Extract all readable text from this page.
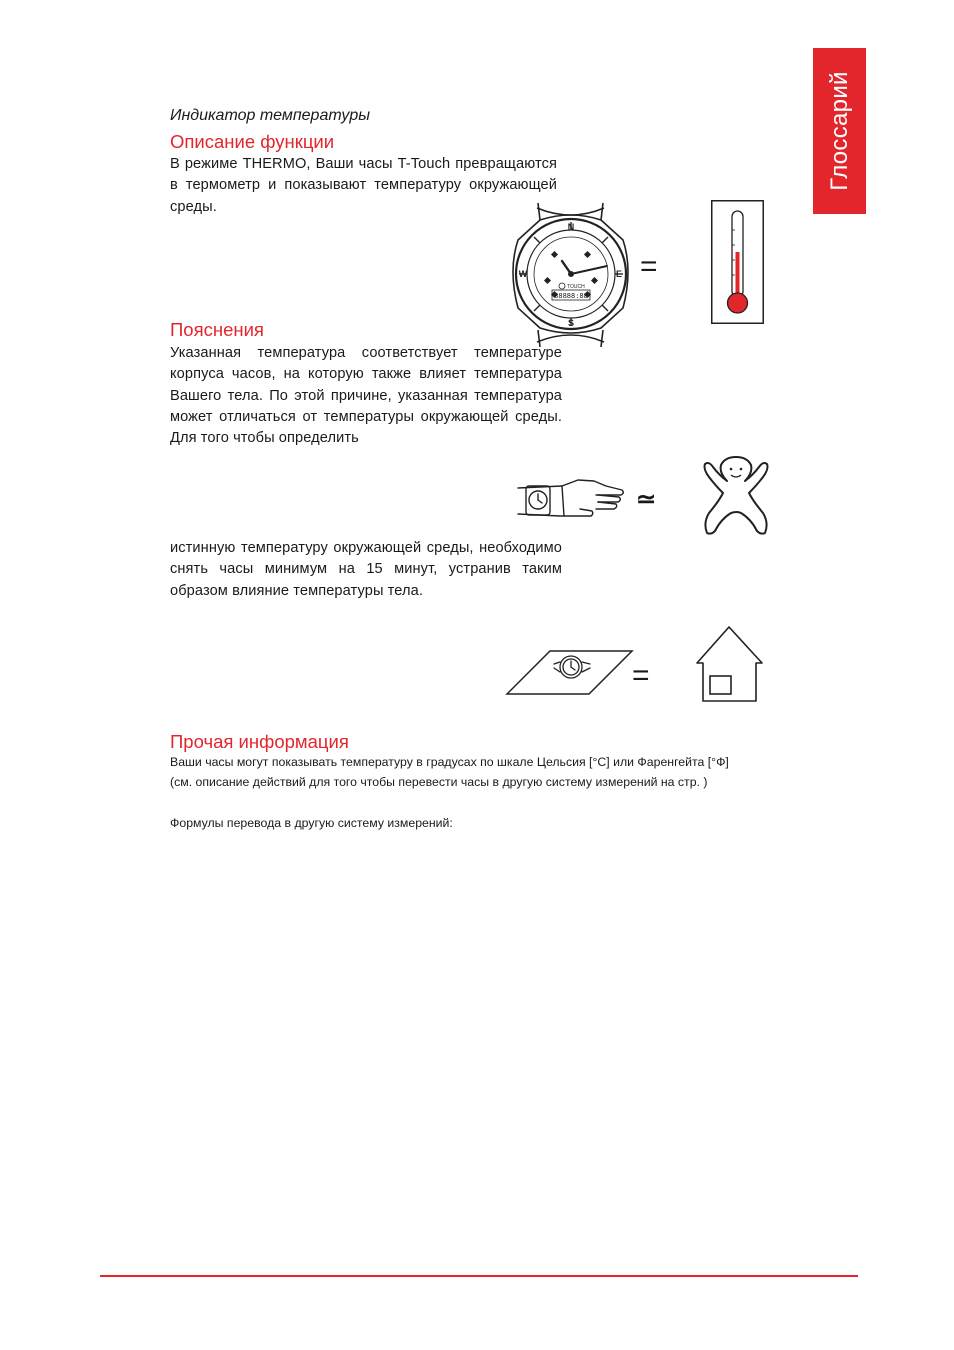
Глоссарий
Индикатор температуры
Описание функции
В режиме THERMO, Ваши часы T-Touch превращаются в термометр и показывают температуру окружающей среды.
N
S
E
W
TOUCH
88888:88
=
Пояснения
Указанная температура соответствует температуре корпуса часов, на которую также влияет температура Вашего тела. По этой причине, указанная температура может отличаться от температуры окружающей среды. Для того чтобы определить
≃
истинную температуру окружающей среды, необходимо снять часы минимум на 15 минут, устранив таким образом влияние температуры тела.
=
Прочая информация
Ваши часы могут показывать температуру в градусах по шкале Цельсия [°C] или Фаренгейта [°Ф]
(см. описание действий для того чтобы перевести часы в другую систему измерений на стр. )
Формулы перевода в другую систему измерений:
